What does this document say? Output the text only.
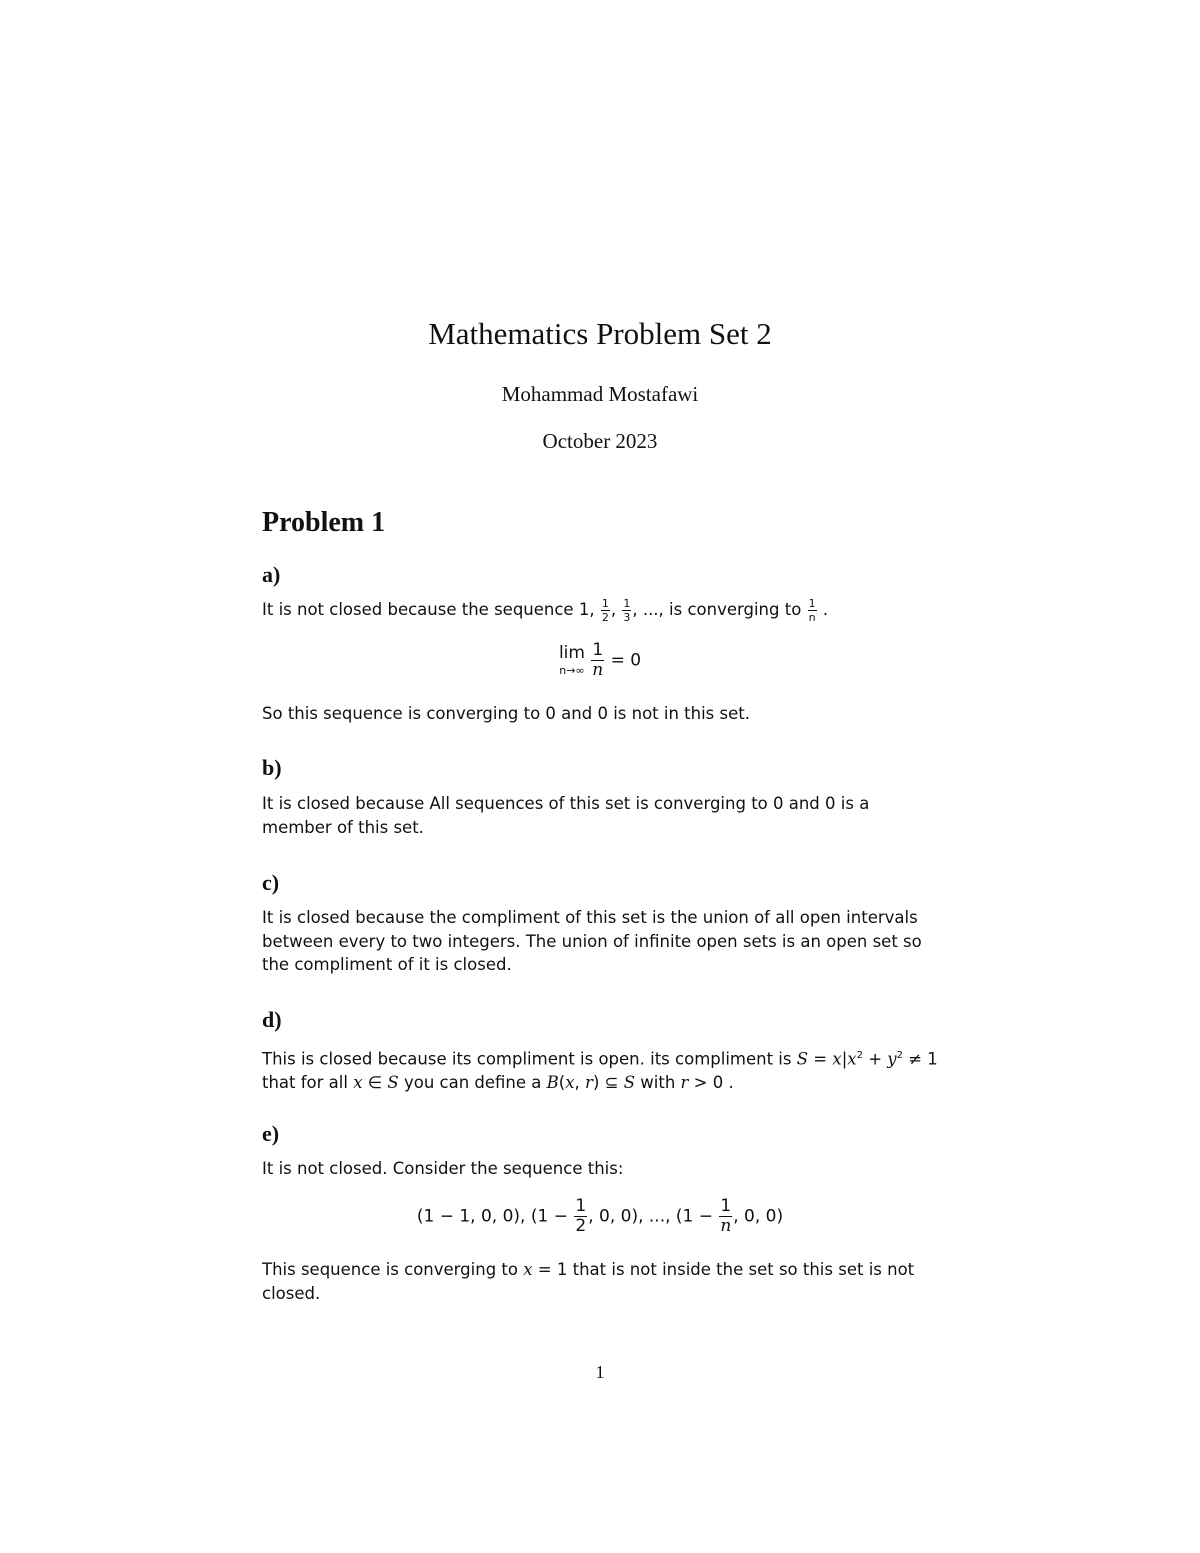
Mathematics Problem Set 2
Mohammad Mostafawi
October 2023
Problem 1
a)
It is not closed because the sequence 1, $\frac{1}{2}$ , $\frac{1}{3}$ , ..., is converging to $\frac{1}{n}$ .
lim
n→∞
$\frac{1}{n} = 0$
So this sequence is converging to 0 and 0 is not in this set.
b)
It is closed because All sequences of this set is converging to 0 and 0 is a member of this set.
c)
It is closed because the compliment of this set is the union of all open intervals between every to two integers. The union of infinite open sets is an open set so the compliment of it is closed.
d)
This is closed because its compliment is open. its compliment is $S = x|x^2 + y^2 \ne 1$ that for all x ∈ S you can define a B(x, r) ⊆ S with r > 0 .
e)
It is not closed. Consider the sequence this:
(1 − 1, 0, 0), ($1 - \frac{1}{2}$ , 0, 0), ..., ($1 - \frac{1}{n}$ , 0, 0)
This sequence is converging to x = 1 that is not inside the set so this set is not closed.
1
